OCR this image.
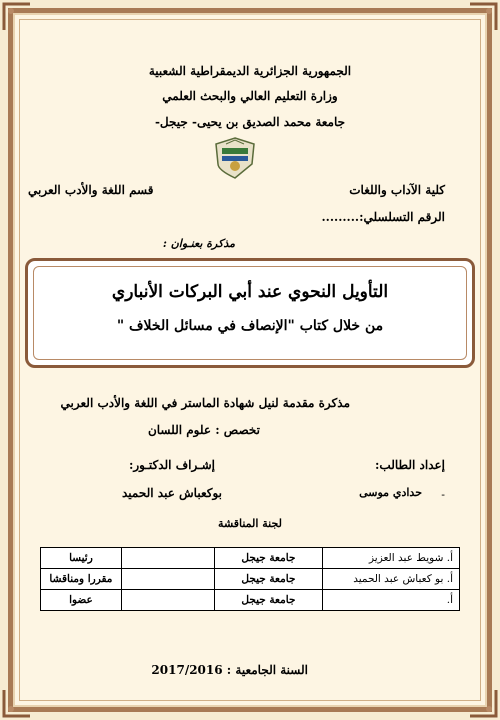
الجمهورية الجزائرية الديمقراطية الشعبية
وزارة التعليم العالي والبحث العلمي
جامعة محمد الصديق بن يحيى- جيجل-
كلية الآداب واللغات
قسم اللغة والأدب العربي
الرقم التسلسلي:.........
مذكرة بعنـوان :
التأويل النحوي عند أبي البركات الأنباري
من خلال كتاب "الإنصاف في مسائل الخلاف "
مذكرة مقدمة لنيل شهادة الماستر في اللغة والأدب العربي
تخصص : علوم اللسان
إعداد الطالب:
إشـراف الدكتـور:
-
حدادي موسى
بوكعباش عبد الحميد
لجنة المناقشة
أ. شويط عبد العزيز	جامعة جيجل		رئيسا
أ. بو كعباش عبد الحميد	جامعة جيجل		مقررا ومناقشا
أ.	جامعة جيجل		عضوا
السنة الجامعية : 2017/2016
